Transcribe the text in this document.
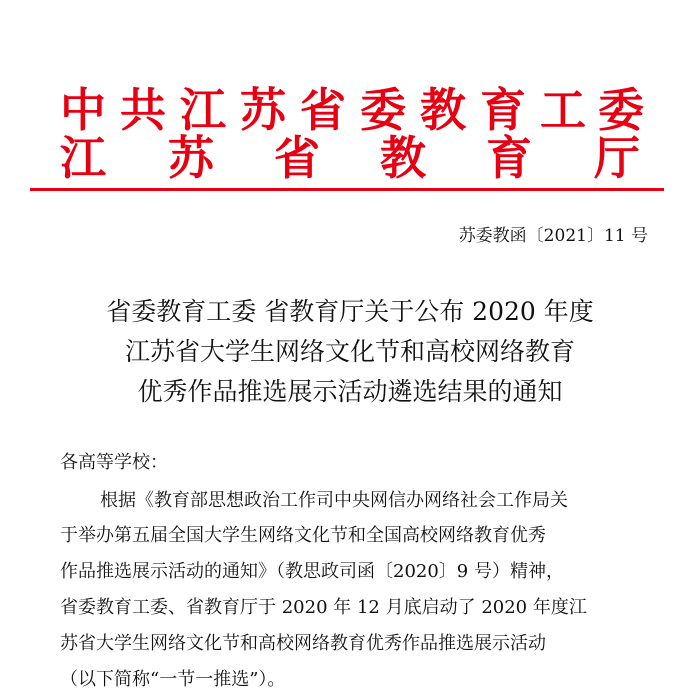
中 共 江 苏 省 委 教 育 工 委
江 苏 省 教 育 厅
苏委教函〔2021〕11 号
省委教育工委 省教育厅关于公布 2020 年度
江苏省大学生网络文化节和高校网络教育
优秀作品推选展示活动遴选结果的通知
各高等学校：
根据《教育部思想政治工作司中央网信办网络社会工作局关
于举办第五届全国大学生网络文化节和全国高校网络教育优秀
作品推选展示活动的通知》（教思政司函〔2020〕9 号）精神，
省委教育工委、省教育厅于 2020 年 12 月底启动了 2020 年度江
苏省大学生网络文化节和高校网络教育优秀作品推选展示活动
（以下简称“一节一推选”）。
